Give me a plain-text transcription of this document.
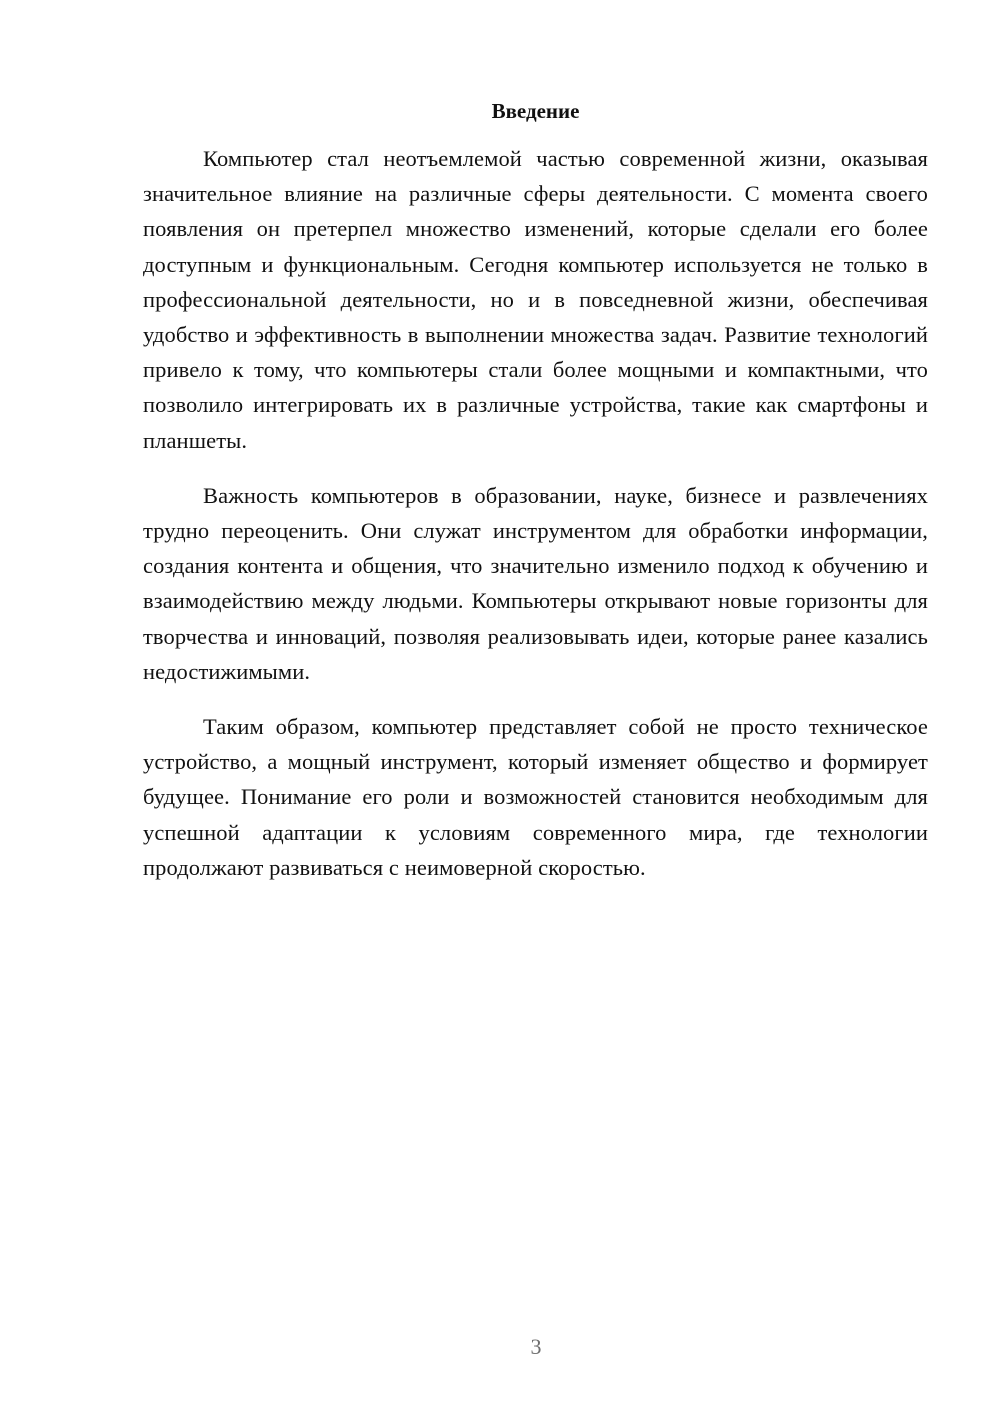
Введение

Компьютер стал неотъемлемой частью современной жизни, оказывая значительное влияние на различные сферы деятельности. С момента своего появления он претерпел множество изменений, которые сделали его более доступным и функциональным. Сегодня компьютер используется не только в профессиональной деятельности, но и в повседневной жизни, обеспечивая удобство и эффективность в выполнении множества задач. Развитие технологий привело к тому, что компьютеры стали более мощными и компактными, что позволило интегрировать их в различные устройства, такие как смартфоны и планшеты.

Важность компьютеров в образовании, науке, бизнесе и развлечениях трудно переоценить. Они служат инструментом для обработки информации, создания контента и общения, что значительно изменило подход к обучению и взаимодействию между людьми. Компьютеры открывают новые горизонты для творчества и инноваций, позволяя реализовывать идеи, которые ранее казались недостижимыми.

Таким образом, компьютер представляет собой не просто техническое устройство, а мощный инструмент, который изменяет общество и формирует будущее. Понимание его роли и возможностей становится необходимым для успешной адаптации к условиям современного мира, где технологии продолжают развиваться с неимоверной скоростью.

3
